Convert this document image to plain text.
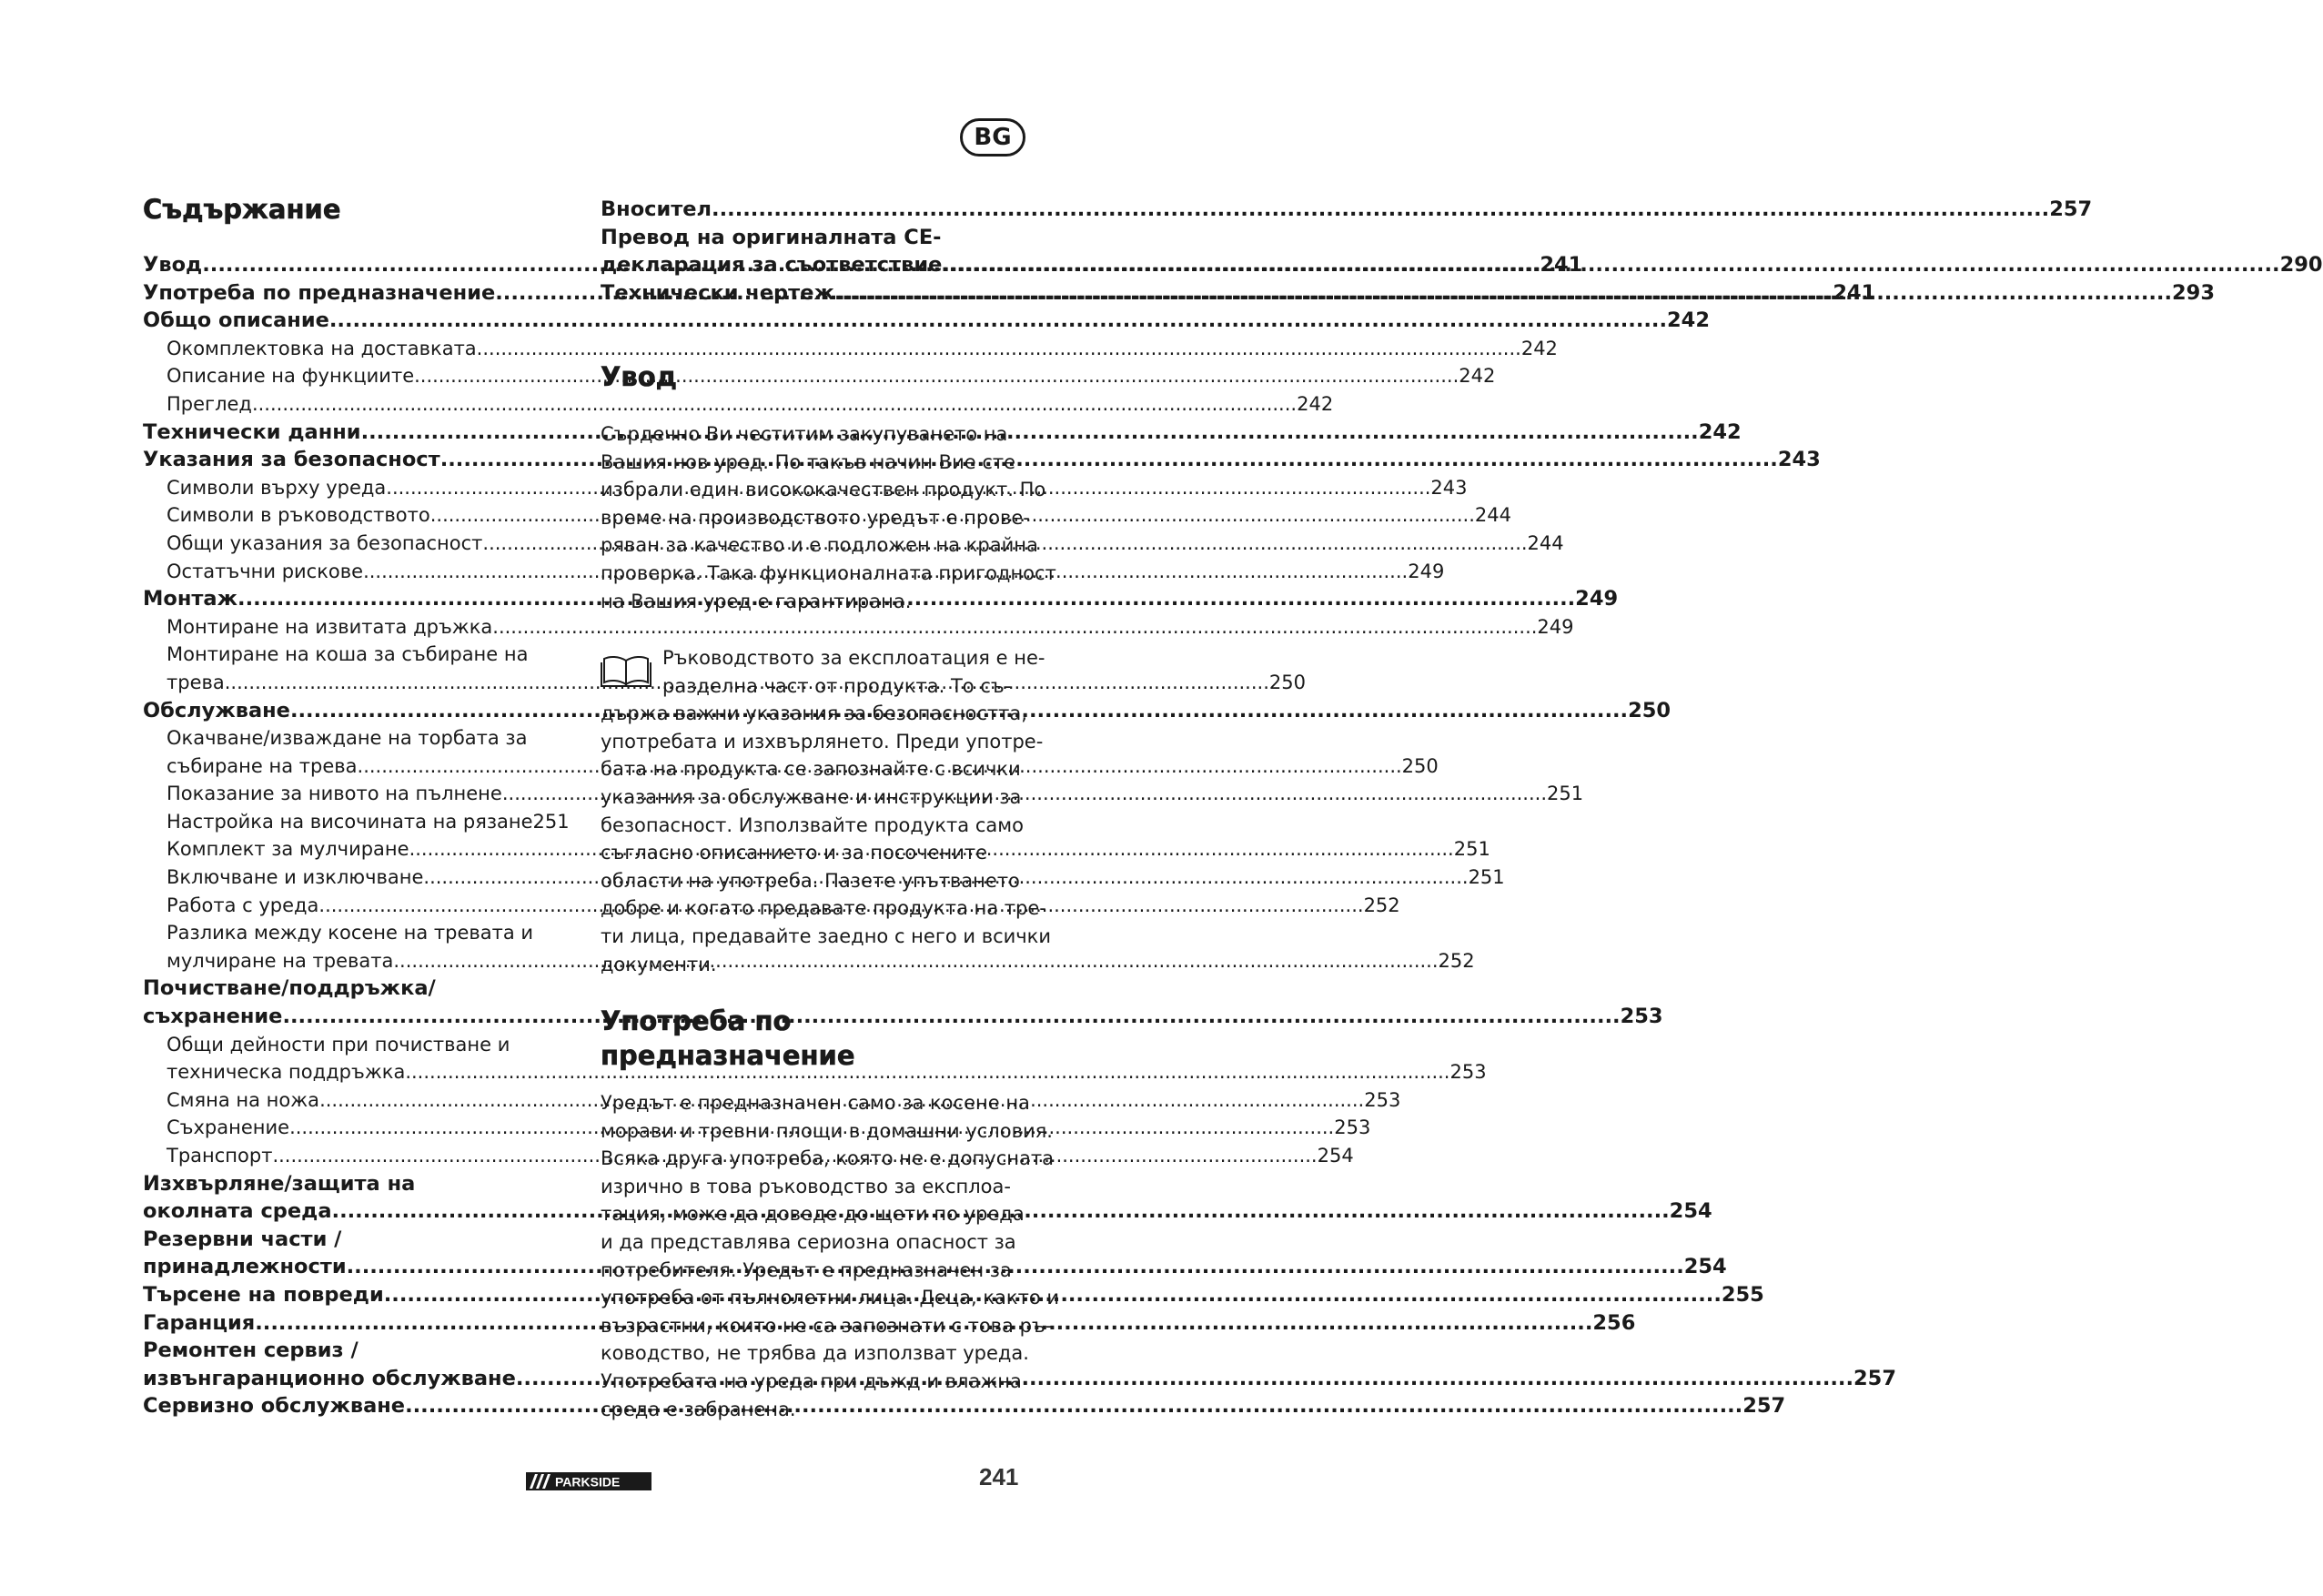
BG
Съдържание
Увод .....	241
Употреба по предназначение .....	241
Общо описание .....	242
Окомплектовка на доставката .....	242
Описание на функциите .....	242
Преглед .....	242
Технически данни .....	242
Указания за безопасност .....	243
Символи върху уреда .....	243
Символи в ръководството .....	244
Общи указания за безопасност .....	244
Остатъчни рискове .....	249
Монтаж .....	249
Монтиране на извитата дръжка .....	249
Монтиране на коша за събиране на
трева .....	250
Обслужване .....	250
Окачване/изваждане на торбата за
събиране на трева .....	250
Показание за нивото на пълнене .....	251
Настройка на височината на рязане 251
Комплект за мулчиране .....	251
Включване и изключване .....	251
Работа с уреда .....	252
Разлика между косене на тревата и
мулчиране на тревата .....	252
Почистване/поддръжка/
съхранение .....	253
Общи дейности при почистване и
техническа поддръжка .....	253
Смяна на ножа .....	253
Съхранение .....	253
Транспорт .....	254
Изхвърляне/защита на
околната среда .....	254
Резервни части /
принадлежности .....	254
Търсене на повреди .....	255
Гаранция .....	256
Ремонтен сервиз /
извънгаранционно обслужване .....	257
Сервизно обслужване .....	257
Вносител .....	257
Превод на оригиналната CE-
декларация за съответствие .....	290
Технически чертеж .....	293
Увод
Сърдечно Ви честитим закупуването на
Вашия нов уред. По такъв начин Вие сте
избрали един висококачествен продукт. По
време на производството уредът е прове-
ряван за качество и е подложен на крайна
проверка. Така функционалната пригодност
на Вашия уред е гарантирана.
Ръководството за експлоатация е не-
разделна част от продукта. То съ-
държа важни указания за безопасността,
употребата и изхвърлянето. Преди употре-
бата на продукта се запознайте с всички
указания за обслужване и инструкции за
безопасност. Използвайте продукта само
съгласно описанието и за посочените
области на употреба. Пазете упътването
добре и когато предавате продукта на тре-
ти лица, предавайте заедно с него и всички
документи.
Употреба по
предназначение
Уредът е предназначен само за косене на
морави и тревни площи в домашни условия.
Всяка друга употреба, която не е допусната
изрично в това ръководство за експлоа-
тация, може да доведе до щети по уреда
и да представлява сериозна опасност за
потребителя. Уредът е предназначен за
употреба от пълнолетни лица. Деца, както и
възрастни, които не са запознати с това ръ-
ководство, не трябва да използват уреда.
Употребата на уреда при дъжд и влажна
среда е забранена.
PARKSIDE	241
